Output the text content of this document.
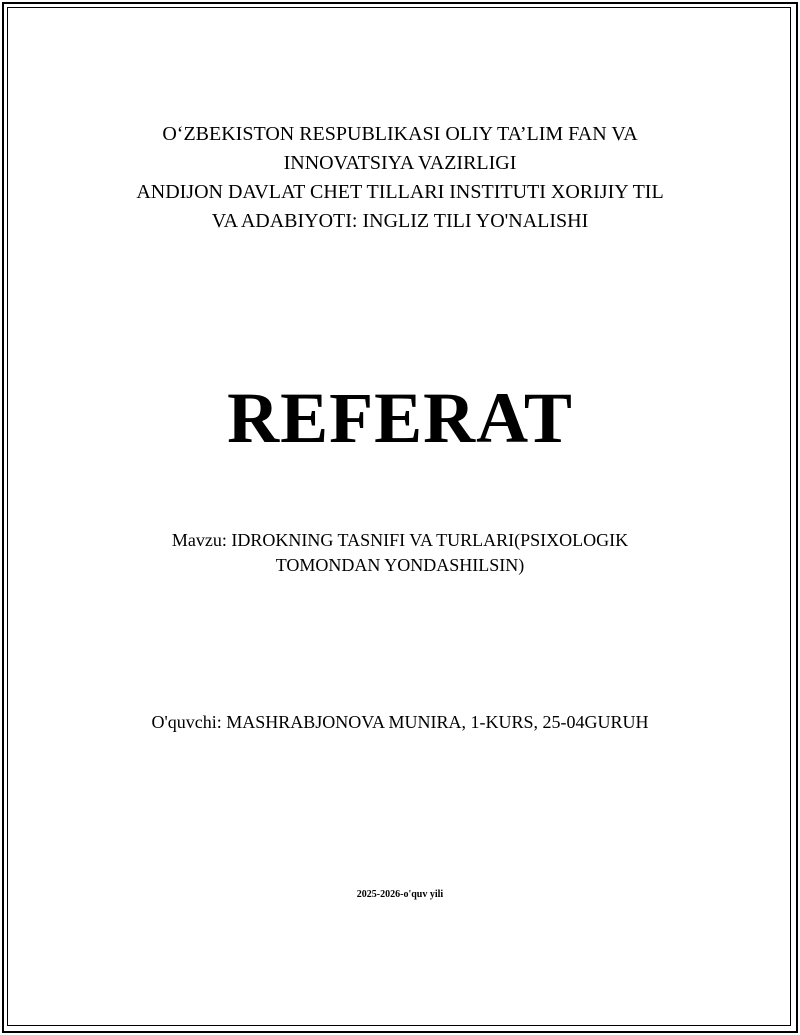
O‘ZBEKISTON RESPUBLIKASI OLIY TA’LIM FAN VA
INNOVATSIYA VAZIRLIGI
ANDIJON DAVLAT CHET TILLARI INSTITUTI XORIJIY TIL
VA ADABIYOTI: INGLIZ TILI YO'NALISHI
REFERAT
Mavzu: IDROKNING TASNIFI VA TURLARI(PSIXOLOGIK
TOMONDAN YONDASHILSIN)
O'quvchi: MASHRABJONOVA MUNIRA, 1-KURS, 25-04GURUH
2025-2026-o'quv yili
